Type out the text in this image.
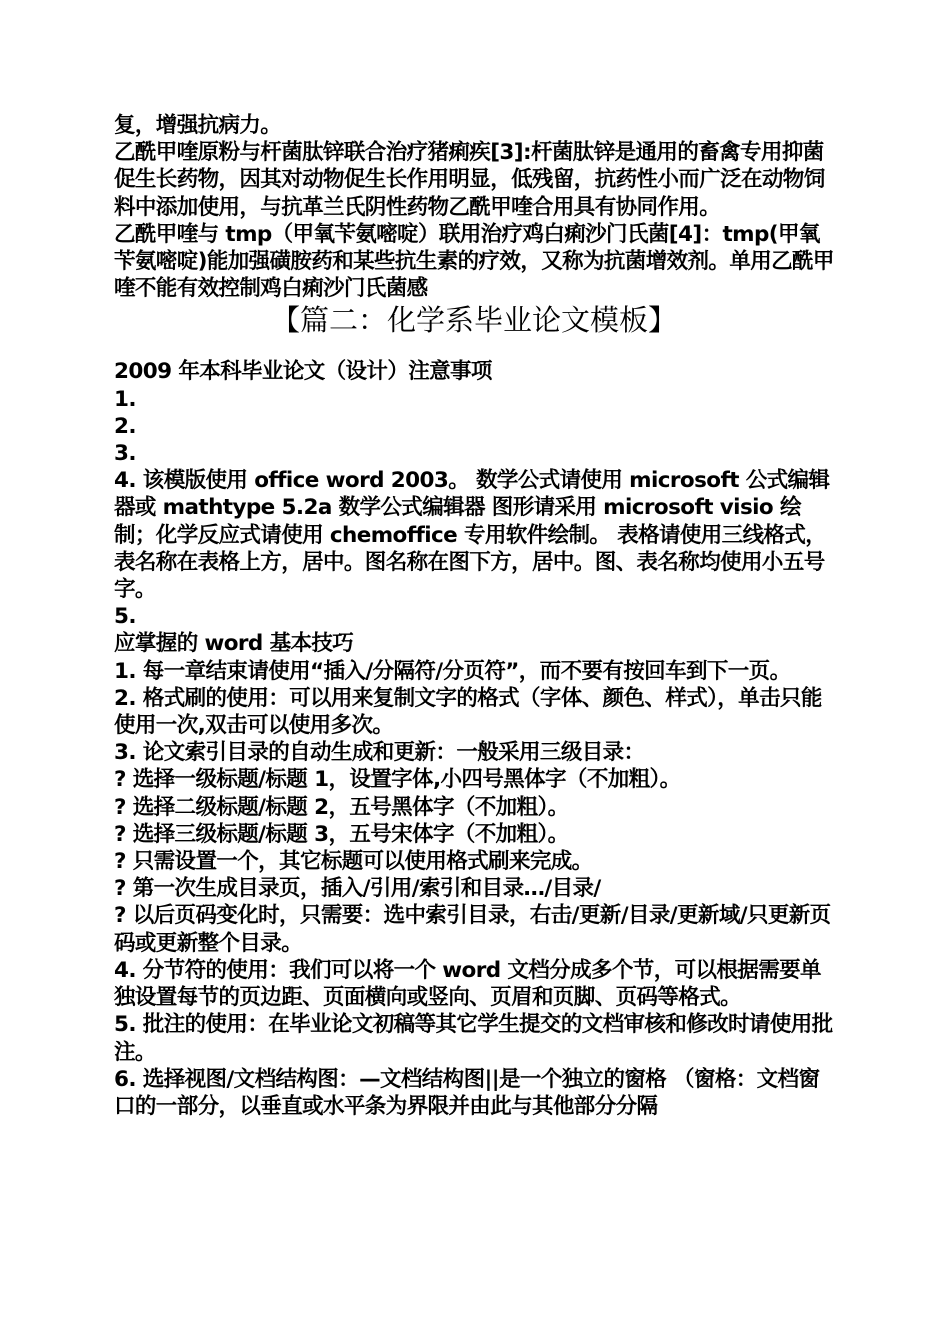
复，增强抗病力。

乙酰甲喹原粉与杆菌肽锌联合治疗猪痢疾[3]:杆菌肽锌是通用的畜禽专用抑菌促生长药物，因其对动物促生长作用明显，低残留，抗药性小而广泛在动物饲料中添加使用，与抗革兰氏阴性药物乙酰甲喹合用具有协同作用。

乙酰甲喹与 tmp（甲氧苄氨嘧啶）联用治疗鸡白痢沙门氏菌[4]：tmp(甲氧苄氨嘧啶)能加强磺胺药和某些抗生素的疗效，又称为抗菌增效剂。单用乙酰甲喹不能有效控制鸡白痢沙门氏菌感

【篇二：化学系毕业论文模板】

2009 年本科毕业论文（设计）注意事项

1.

2.

3.

4. 该模版使用 office word 2003。 数学公式请使用 microsoft 公式编辑器或 mathtype 5.2a 数学公式编辑器 图形请采用 microsoft visio 绘制；化学反应式请使用 chemoffice 专用软件绘制。 表格请使用三线格式，表名称在表格上方，居中。图名称在图下方，居中。图、表名称均使用小五号字。

5.

应掌握的 word 基本技巧

1. 每一章结束请使用“插入/分隔符/分页符”，而不要有按回车到下一页。

2. 格式刷的使用：可以用来复制文字的格式（字体、颜色、样式），单击只能使用一次,双击可以使用多次。

3. 论文索引目录的自动生成和更新：一般采用三级目录：

? 选择一级标题/标题 1，设置字体,小四号黑体字（不加粗）。

? 选择二级标题/标题 2，五号黑体字（不加粗）。

? 选择三级标题/标题 3，五号宋体字（不加粗）。

? 只需设置一个，其它标题可以使用格式刷来完成。

? 第一次生成目录页，插入/引用/索引和目录…/目录/

? 以后页码变化时，只需要：选中索引目录，右击/更新/目录/更新域/只更新页码或更新整个目录。

4. 分节符的使用：我们可以将一个 word 文档分成多个节，可以根据需要单独设置每节的页边距、页面横向或竖向、页眉和页脚、页码等格式。

5. 批注的使用：在毕业论文初稿等其它学生提交的文档审核和修改时请使用批注。

6. 选择视图/文档结构图：—文档结构图||是一个独立的窗格 （窗格：文档窗口的一部分，以垂直或水平条为界限并由此与其他部分分隔
